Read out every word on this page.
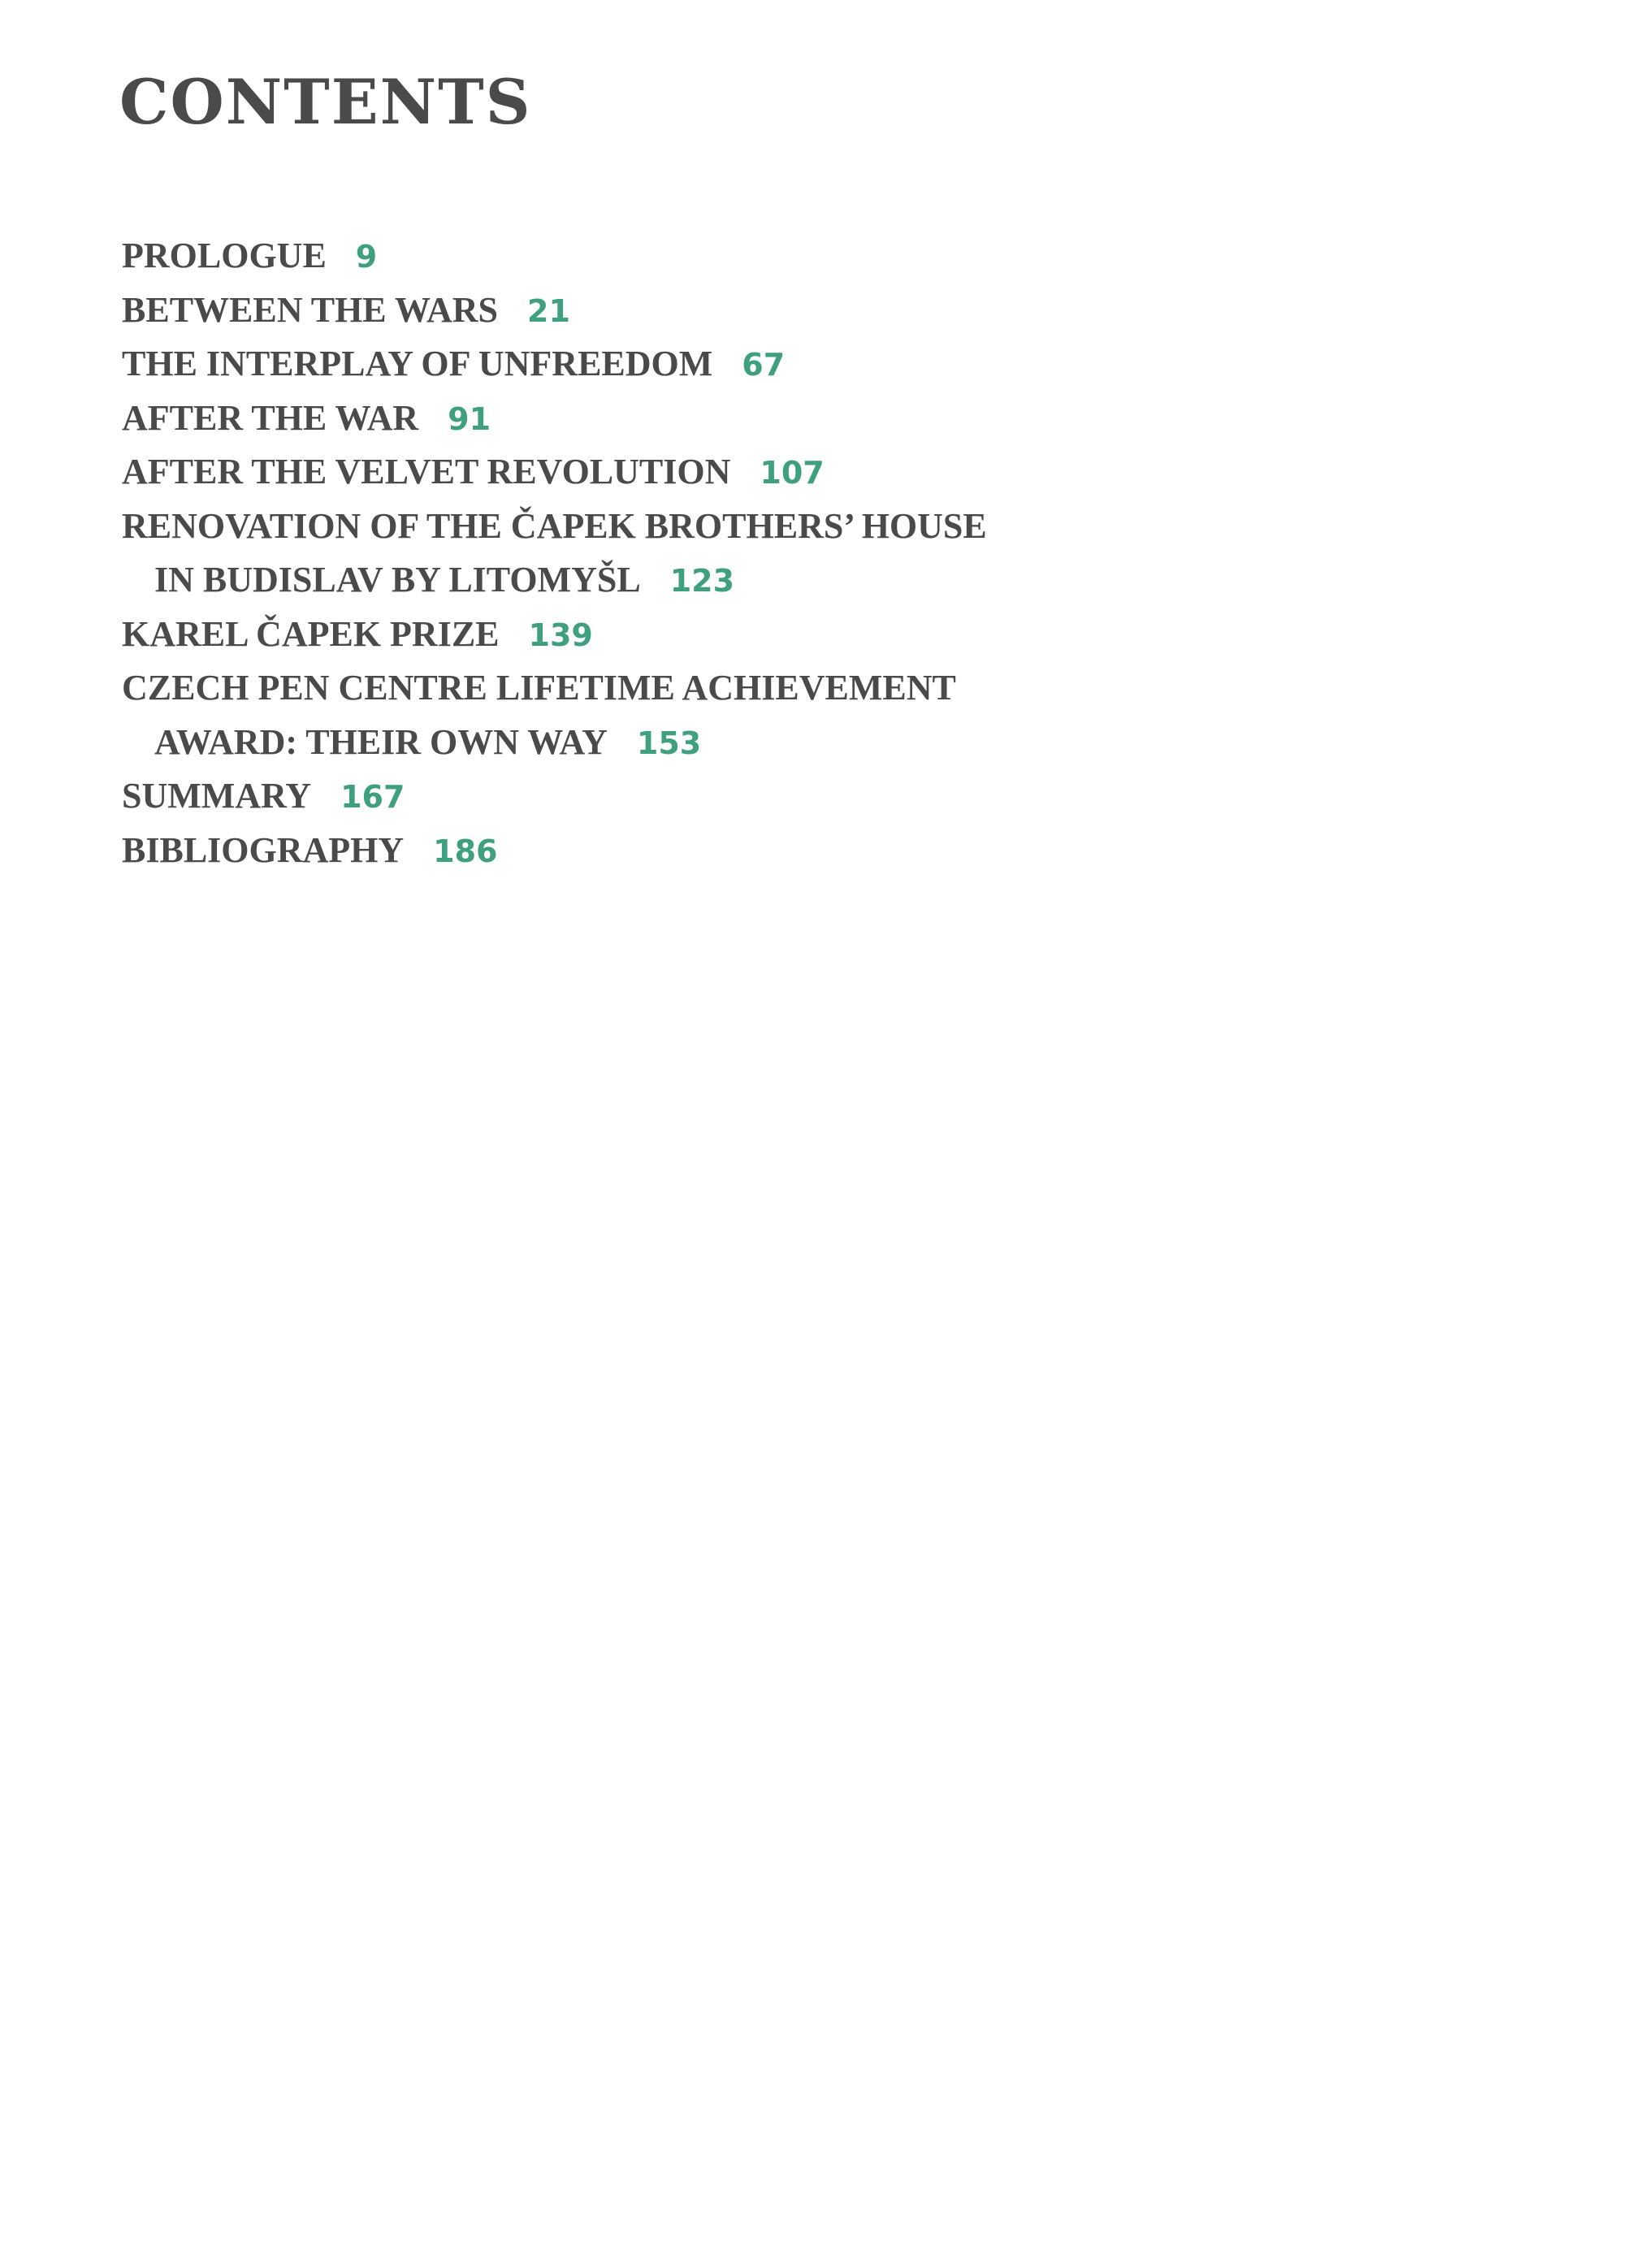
CONTENTS
PROLOGUE 9
BETWEEN THE WARS 21
THE INTERPLAY OF UNFREEDOM 67
AFTER THE WAR 91
AFTER THE VELVET REVOLUTION 107
RENOVATION OF THE ČAPEK BROTHERS’ HOUSE
IN BUDISLAV BY LITOMYŠL 123
KAREL ČAPEK PRIZE 139
CZECH PEN CENTRE LIFETIME ACHIEVEMENT
AWARD: THEIR OWN WAY 153
SUMMARY 167
BIBLIOGRAPHY 186
